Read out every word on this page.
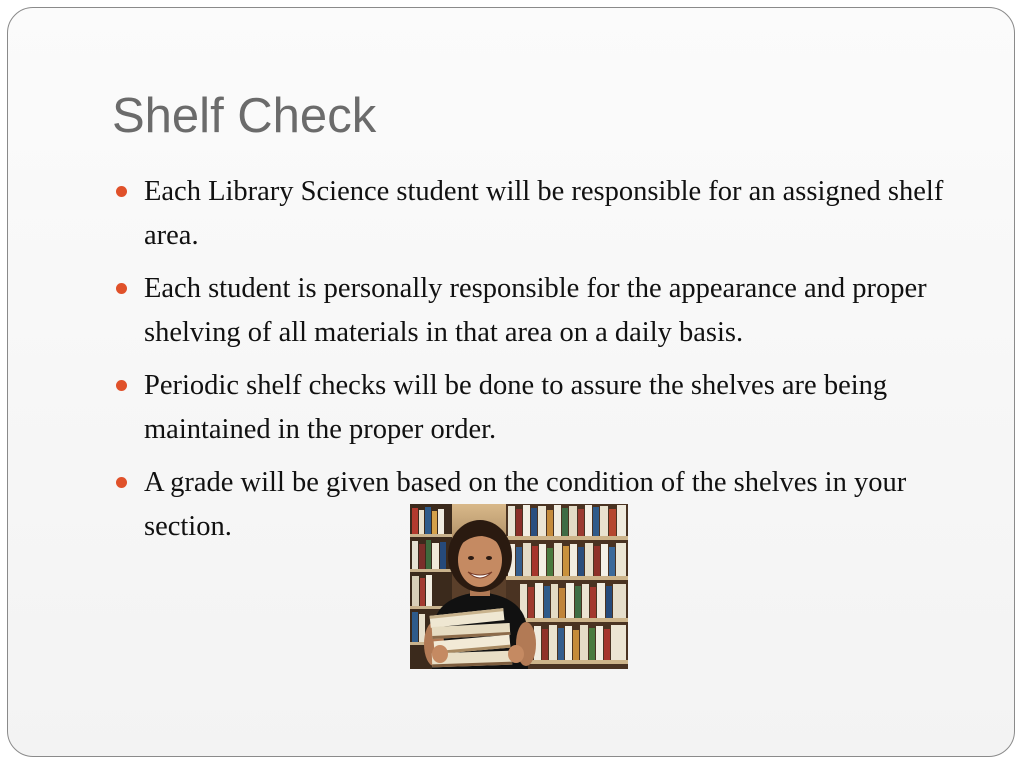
Shelf Check
Each Library Science student will be responsible for an assigned shelf area.
Each student is personally responsible for the appearance and proper shelving of all materials in that area on a daily basis.
Periodic shelf checks will be done to assure the shelves are being maintained in the proper order.
A grade will be given based on the condition of the shelves in your section.
